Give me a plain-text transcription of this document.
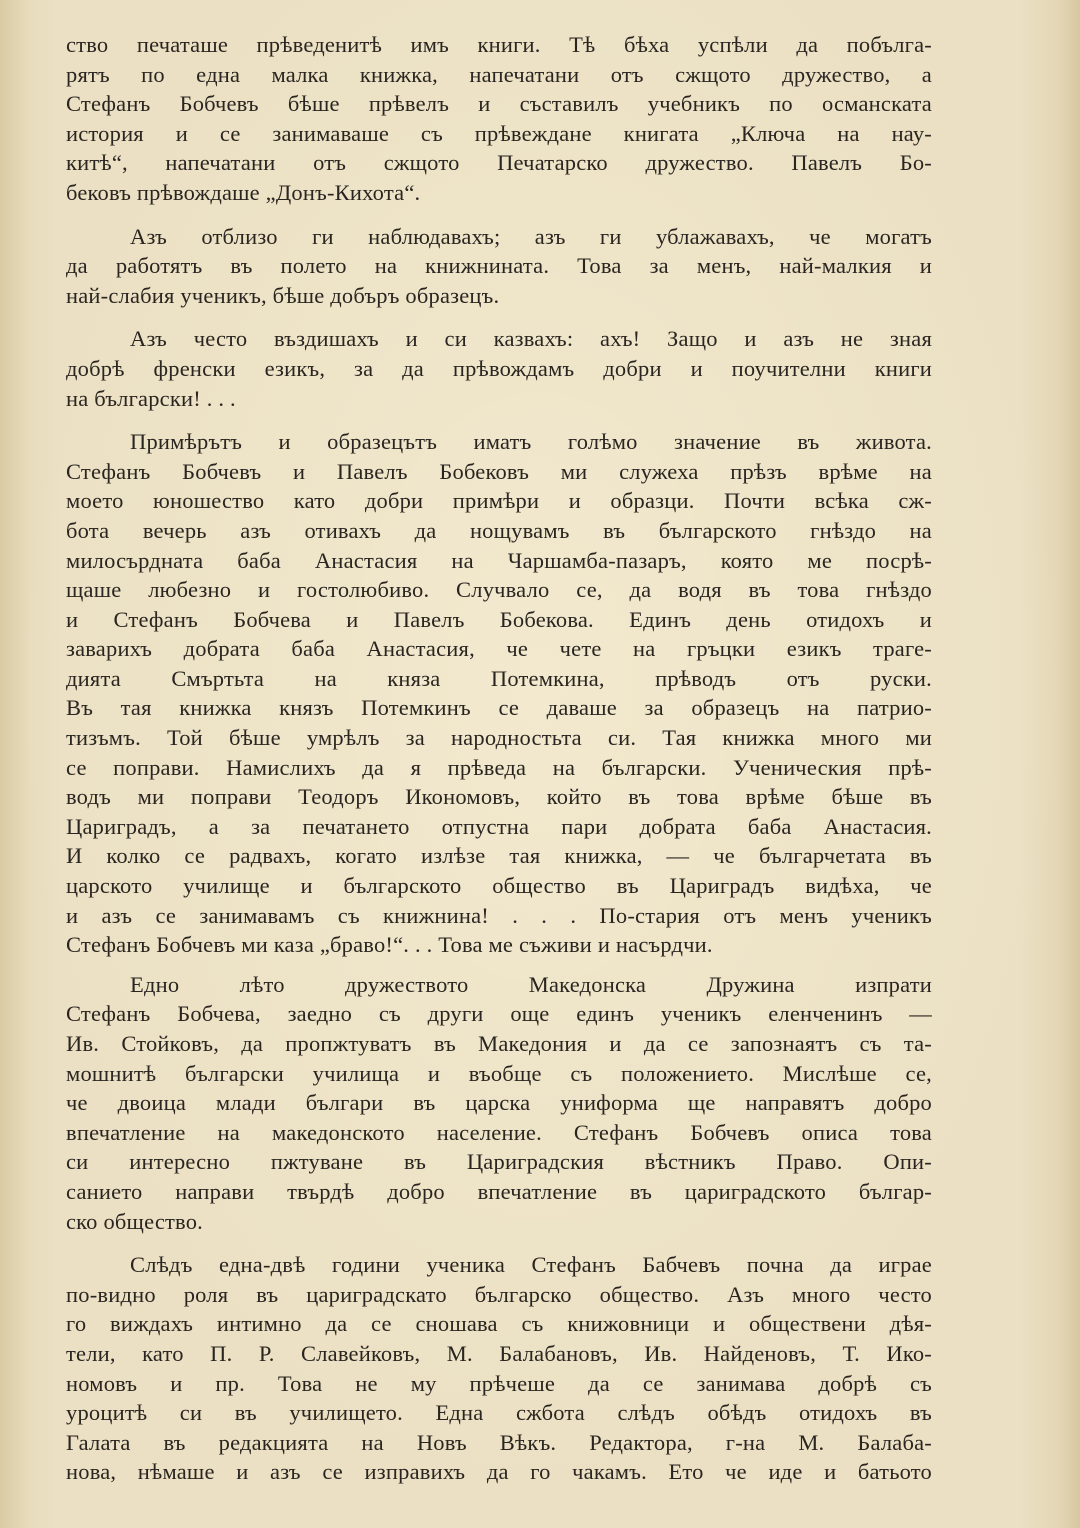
ство печаташе прѣведенитѣ имъ книги. Тѣ бѣха успѣли да побълга-
рятъ по една малка книжка, напечатани отъ сжщото дружество, а
Стефанъ Бобчевъ бѣше прѣвелъ и съставилъ учебникъ по османската
история и се занимаваше съ прѣвеждане книгата „Ключа на нау-
китѣ“, напечатани отъ сжщото Печатарско дружество. Павелъ Бо-
бековъ прѣвождаше „Донъ-Кихота“.
Азъ отблизо ги наблюдавахъ; азъ ги ублажавахъ, че могатъ
да работятъ въ полето на книжнината. Това за менъ, най-малкия и
най-слабия ученикъ, бѣше добъръ образецъ.
Азъ често въздишахъ и си казвахъ: ахъ! Защо и азъ не зная
добрѣ френски езикъ, за да прѣвождамъ добри и поучителни книги
на български! . . .
Примѣрътъ и образецътъ иматъ голѣмо значение въ живота.
Стефанъ Бобчевъ и Павелъ Бобековъ ми служеха прѣзъ врѣме на
моето юношество като добри примѣри и образци. Почти всѣка сж-
бота вечерь азъ отивахъ да нощувамъ въ българското гнѣздо на
милосърдната баба Анастасия на Чаршамба-пазаръ, която ме посрѣ-
щаше любезно и гостолюбиво. Случвало се, да водя въ това гнѣздо
и Стефанъ Бобчева и Павелъ Бобекова. Единъ день отидохъ и
заварихъ добрата баба Анастасия, че чете на гръцки езикъ траге-
дията Смъртьта на княза Потемкина, прѣводъ отъ руски.
Въ тая книжка князъ Потемкинъ се даваше за образецъ на патрио-
тизъмъ. Той бѣше умрѣлъ за народностьта си. Тая книжка много ми
се поправи. Намислихъ да я прѣведа на български. Ученическия прѣ-
водъ ми поправи Теодоръ Икономовъ, който въ това врѣме бѣше въ
Цариградъ, а за печатането отпустна пари добрата баба Анастасия.
И колко се радвахъ, когато излѣзе тая книжка, — че българчетата въ
царското училище и българското общество въ Цариградъ видѣха, че
и азъ се занимавамъ съ книжнина! . . . По-стария отъ менъ ученикъ
Стефанъ Бобчевъ ми каза „браво!“. . . Това ме съживи и насърдчи.
Едно лѣто дружеството Македонска Дружина изпрати
Стефанъ Бобчева, заедно съ други още единъ ученикъ еленчeнинъ —
Ив. Стойковъ, да пропжтуватъ въ Македония и да се запознаятъ съ та-
мошнитѣ български училища и въобще съ положението. Мислѣше се,
че двоица млади българи въ царска униформа ще направятъ добро
впечатление на македонското население. Стефанъ Бобчевъ описа това
си интересно пжтуване въ Цариградския вѣстникъ Право. Опи-
санието направи твърдѣ добро впечатление въ цариградското българ-
ско общество.
Слѣдъ една-двѣ години ученика Стефанъ Бабчевъ почна да играе
по-видно роля въ цариградскато българско общество. Азъ много често
го виждахъ интимно да се сношава съ книжовници и обществени дѣя-
тели, като П. Р. Славейковъ, М. Балабановъ, Ив. Найденовъ, Т. Ико-
номовъ и пр. Това не му прѣчеше да се занимава добрѣ съ
уроцитѣ си въ училището. Една сжбота слѣдъ обѣдъ отидохъ въ
Галата въ редакцията на Новъ Вѣкъ. Редактора, г-на М. Балаба-
нова, нѣмаше и азъ се изправихъ да го чакамъ. Ето че иде и батьото
